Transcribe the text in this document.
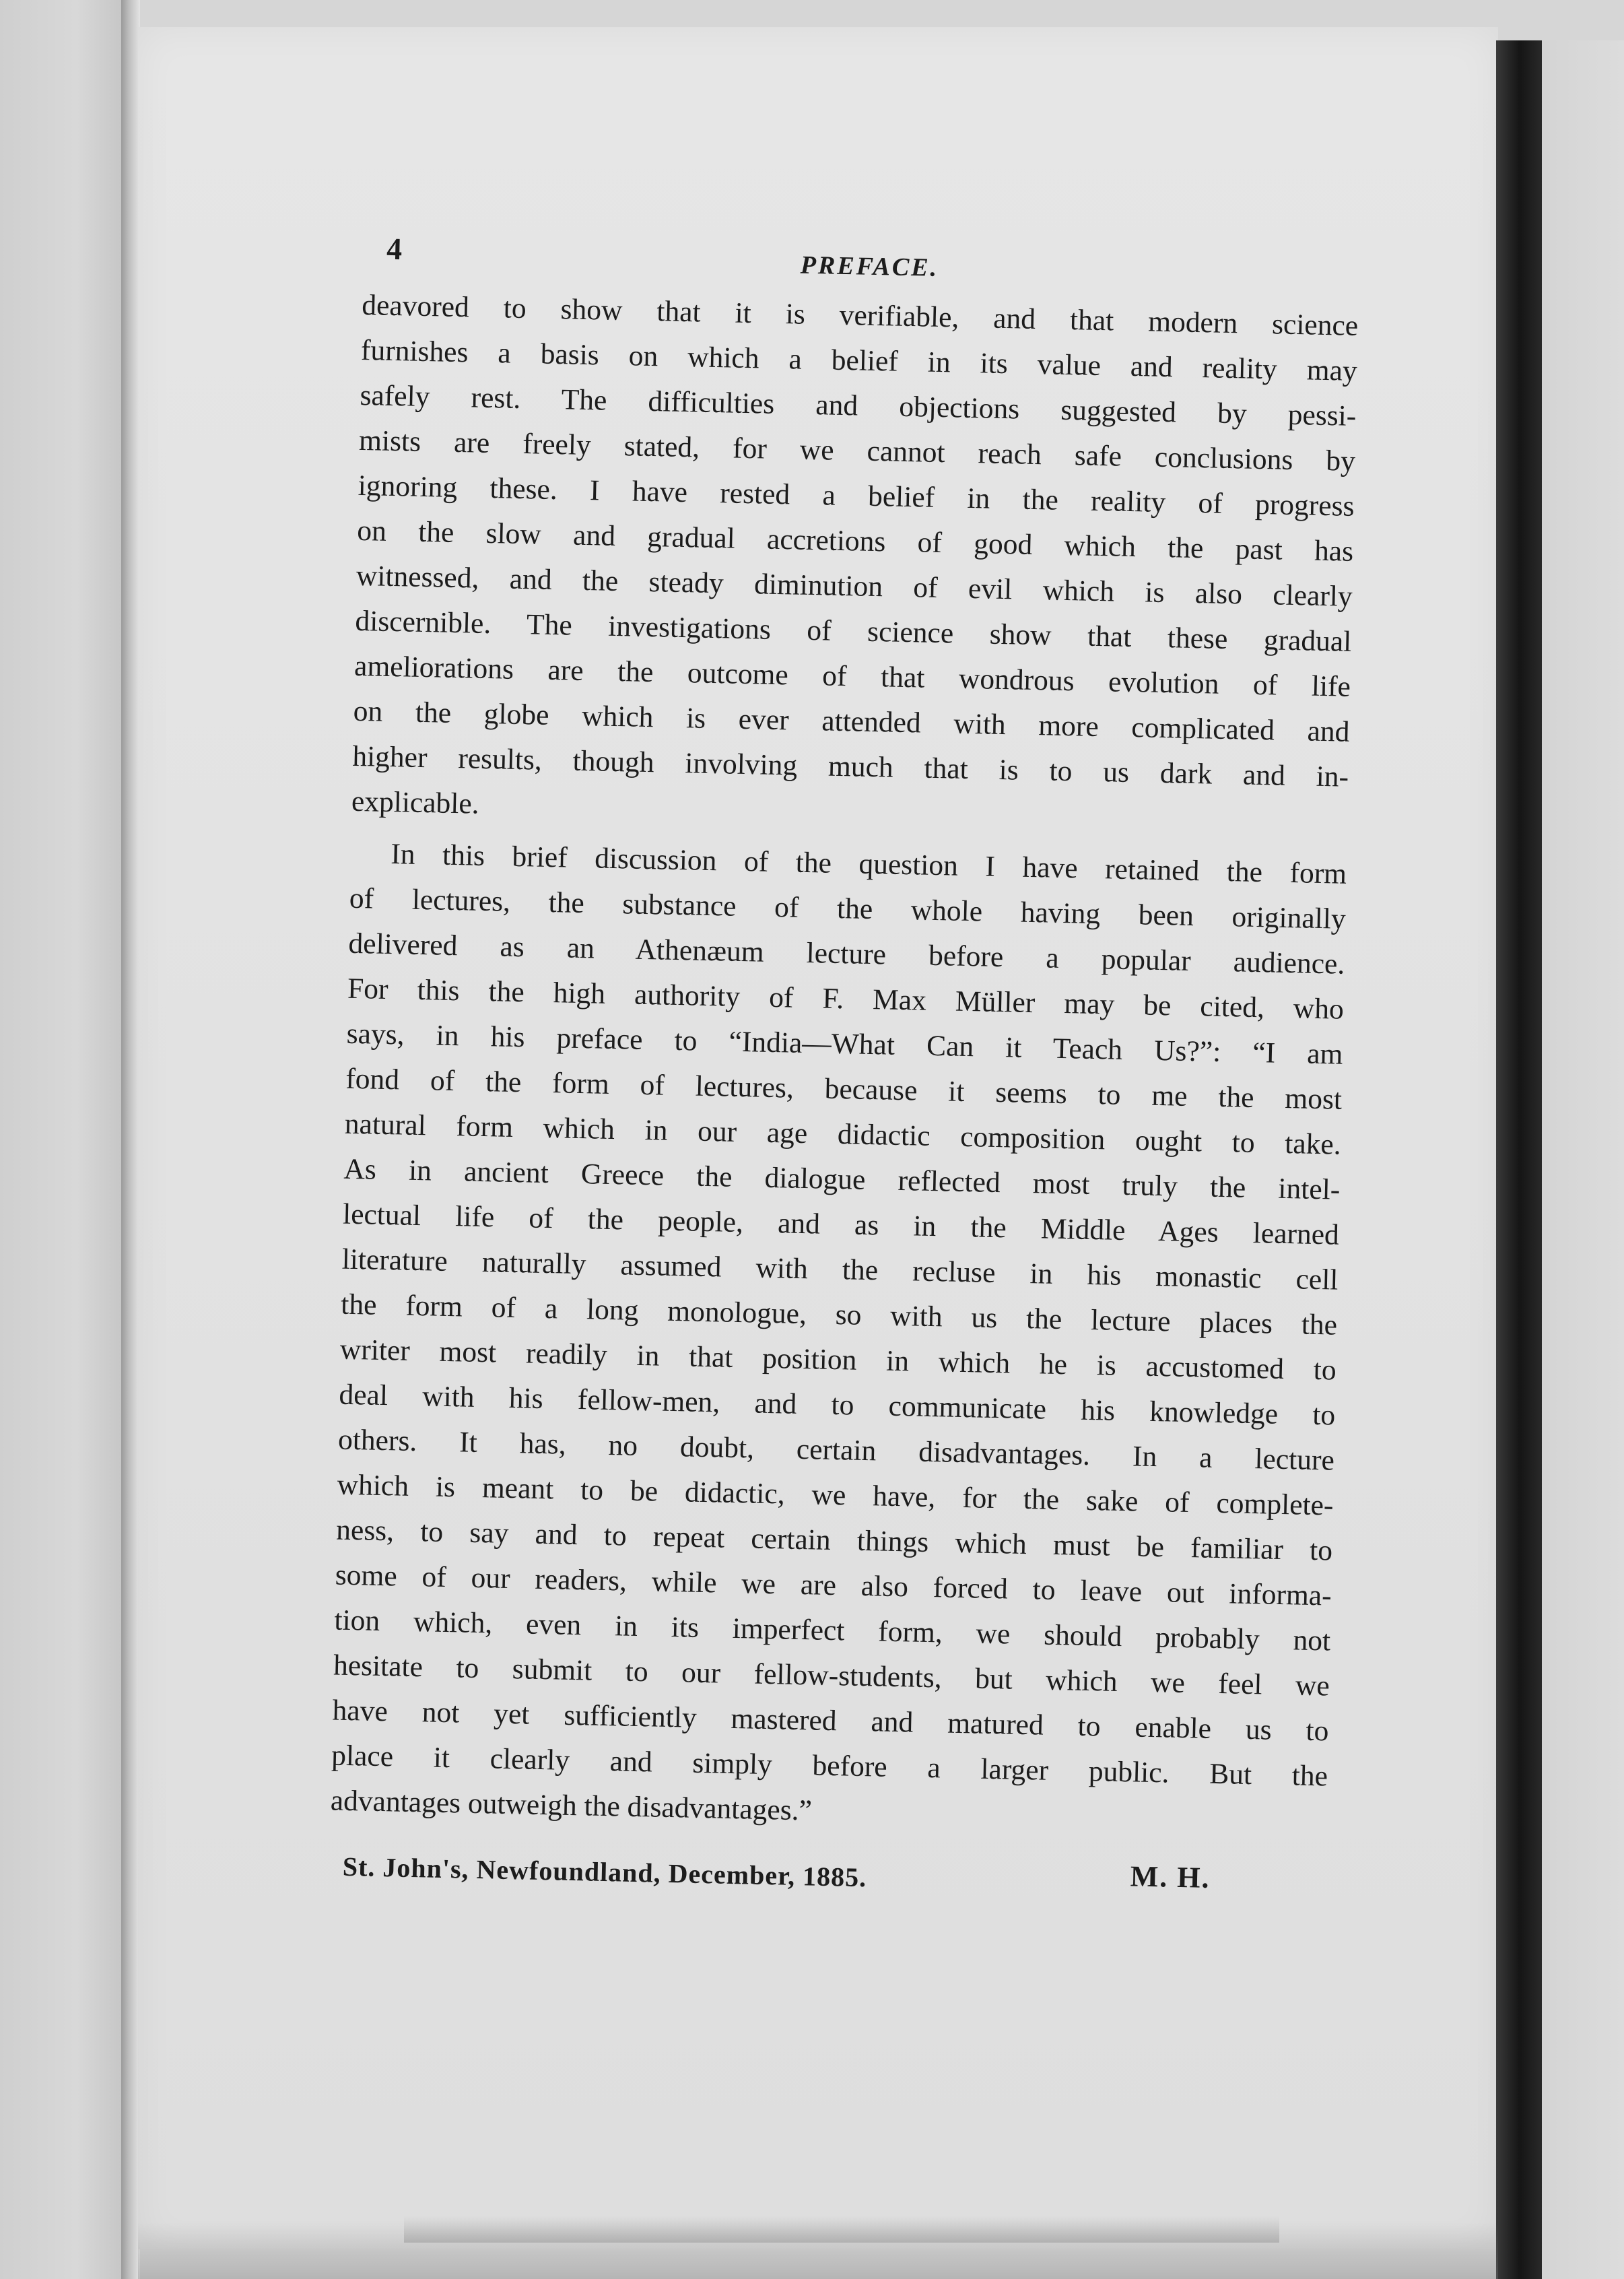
4
PREFACE.
deavored to show that it is verifiable, and that modern science
furnishes a basis on which a belief in its value and reality may
safely rest. The difficulties and objections suggested by pessi-
mists are freely stated, for we cannot reach safe conclusions by
ignoring these. I have rested a belief in the reality of progress
on the slow and gradual accretions of good which the past has
witnessed, and the steady diminution of evil which is also clearly
discernible. The investigations of science show that these gradual
ameliorations are the outcome of that wondrous evolution of life
on the globe which is ever attended with more complicated and
higher results, though involving much that is to us dark and in-
explicable.
In this brief discussion of the question I have retained the form
of lectures, the substance of the whole having been originally
delivered as an Athenæum lecture before a popular audience.
For this the high authority of F. Max Müller may be cited, who
says, in his preface to “India—What Can it Teach Us?”: “I am
fond of the form of lectures, because it seems to me the most
natural form which in our age didactic composition ought to take.
As in ancient Greece the dialogue reflected most truly the intel-
lectual life of the people, and as in the Middle Ages learned
literature naturally assumed with the recluse in his monastic cell
the form of a long monologue, so with us the lecture places the
writer most readily in that position in which he is accustomed to
deal with his fellow-men, and to communicate his knowledge to
others. It has, no doubt, certain disadvantages. In a lecture
which is meant to be didactic, we have, for the sake of complete-
ness, to say and to repeat certain things which must be familiar to
some of our readers, while we are also forced to leave out informa-
tion which, even in its imperfect form, we should probably not
hesitate to submit to our fellow-students, but which we feel we
have not yet sufficiently mastered and matured to enable us to
place it clearly and simply before a larger public. But the
advantages outweigh the disadvantages.”
St. John's, Newfoundland, December, 1885.	M. H.
